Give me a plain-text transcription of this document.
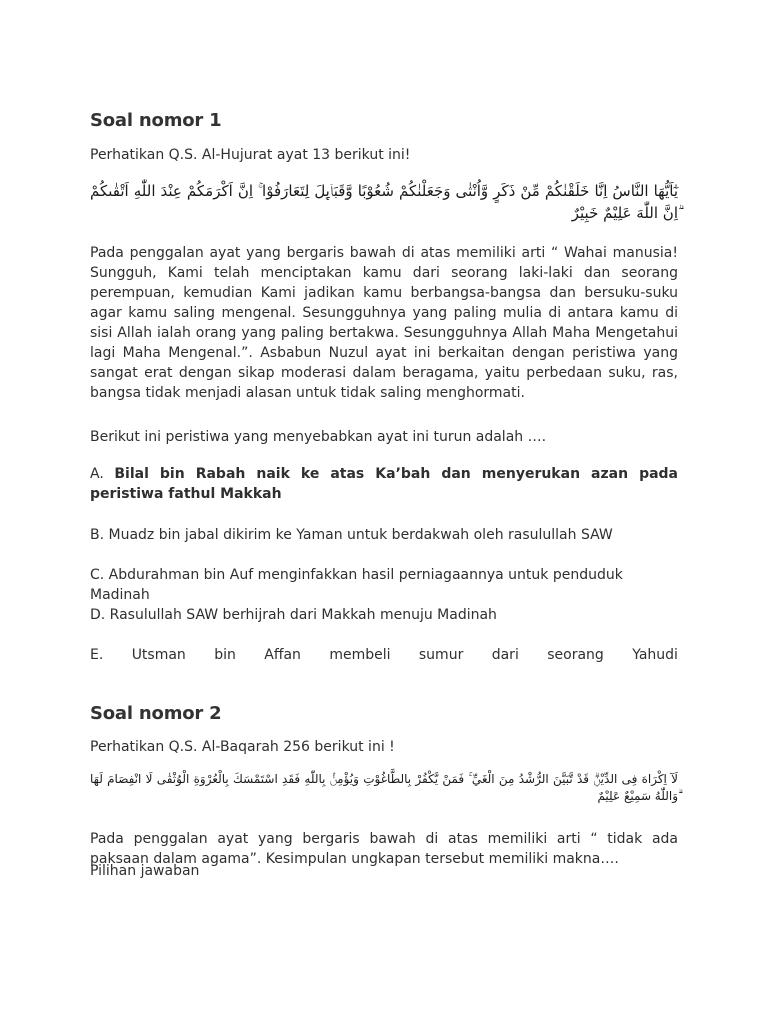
Soal nomor 1

Perhatikan Q.S. Al-Hujurat ayat 13 berikut ini!

يٰٓاَيُّهَا النَّاسُ اِنَّا خَلَقْنٰكُمْ مِّنْ ذَكَرٍ وَّاُنْثٰى وَجَعَلْنٰكُمْ شُعُوْبًا وَّقَبَاۤىِٕلَ لِتَعَارَفُوْا ۚ اِنَّ اَكْرَمَكُمْ عِنْدَ اللّٰهِ اَتْقٰىكُمْ ۗاِنَّ اللّٰهَ عَلِيْمٌ خَبِيْرٌ

Pada penggalan ayat yang bergaris bawah di atas memiliki arti “ Wahai manusia! Sungguh, Kami telah menciptakan kamu dari seorang laki-laki dan seorang perempuan, kemudian Kami jadikan kamu berbangsa-bangsa dan bersuku-suku agar kamu saling mengenal. Sesungguhnya yang paling mulia di antara kamu di sisi Allah ialah orang yang paling bertakwa. Sesungguhnya Allah Maha Mengetahui lagi Maha Mengenal.”. Asbabun Nuzul ayat ini berkaitan dengan peristiwa yang sangat erat dengan sikap moderasi dalam beragama, yaitu perbedaan suku, ras, bangsa tidak menjadi alasan untuk tidak saling menghormati.

Berikut ini peristiwa yang menyebabkan ayat ini turun adalah ….

A. Bilal bin Rabah naik ke atas Ka’bah dan menyerukan azan pada peristiwa fathul Makkah

B. Muadz bin jabal dikirim ke Yaman untuk berdakwah oleh rasulullah SAW

C. Abdurahman bin Auf menginfakkan hasil perniagaannya untuk penduduk Madinah

D. Rasulullah SAW berhijrah dari Makkah menuju Madinah

E. Utsman bin Affan membeli sumur dari seorang Yahudi

Soal nomor 2

Perhatikan Q.S. Al-Baqarah 256 berikut ini !

لَآ اِكْرَاهَ فِى الدِّيْنِۗ قَدْ تَّبَيَّنَ الرُّشْدُ مِنَ الْغَيِّ ۚ فَمَنْ يَّكْفُرْ بِالطَّاغُوْتِ وَيُؤْمِنْۢ بِاللّٰهِ فَقَدِ اسْتَمْسَكَ بِالْعُرْوَةِ الْوُثْقٰى لَا انْفِصَامَ لَهَا ۗوَاللّٰهُ سَمِيْعٌ عَلِيْمٌ

Pada penggalan ayat yang bergaris bawah di atas memiliki arti “ tidak ada paksaan dalam agama”. Kesimpulan ungkapan tersebut memiliki makna….

Pilihan jawaban
